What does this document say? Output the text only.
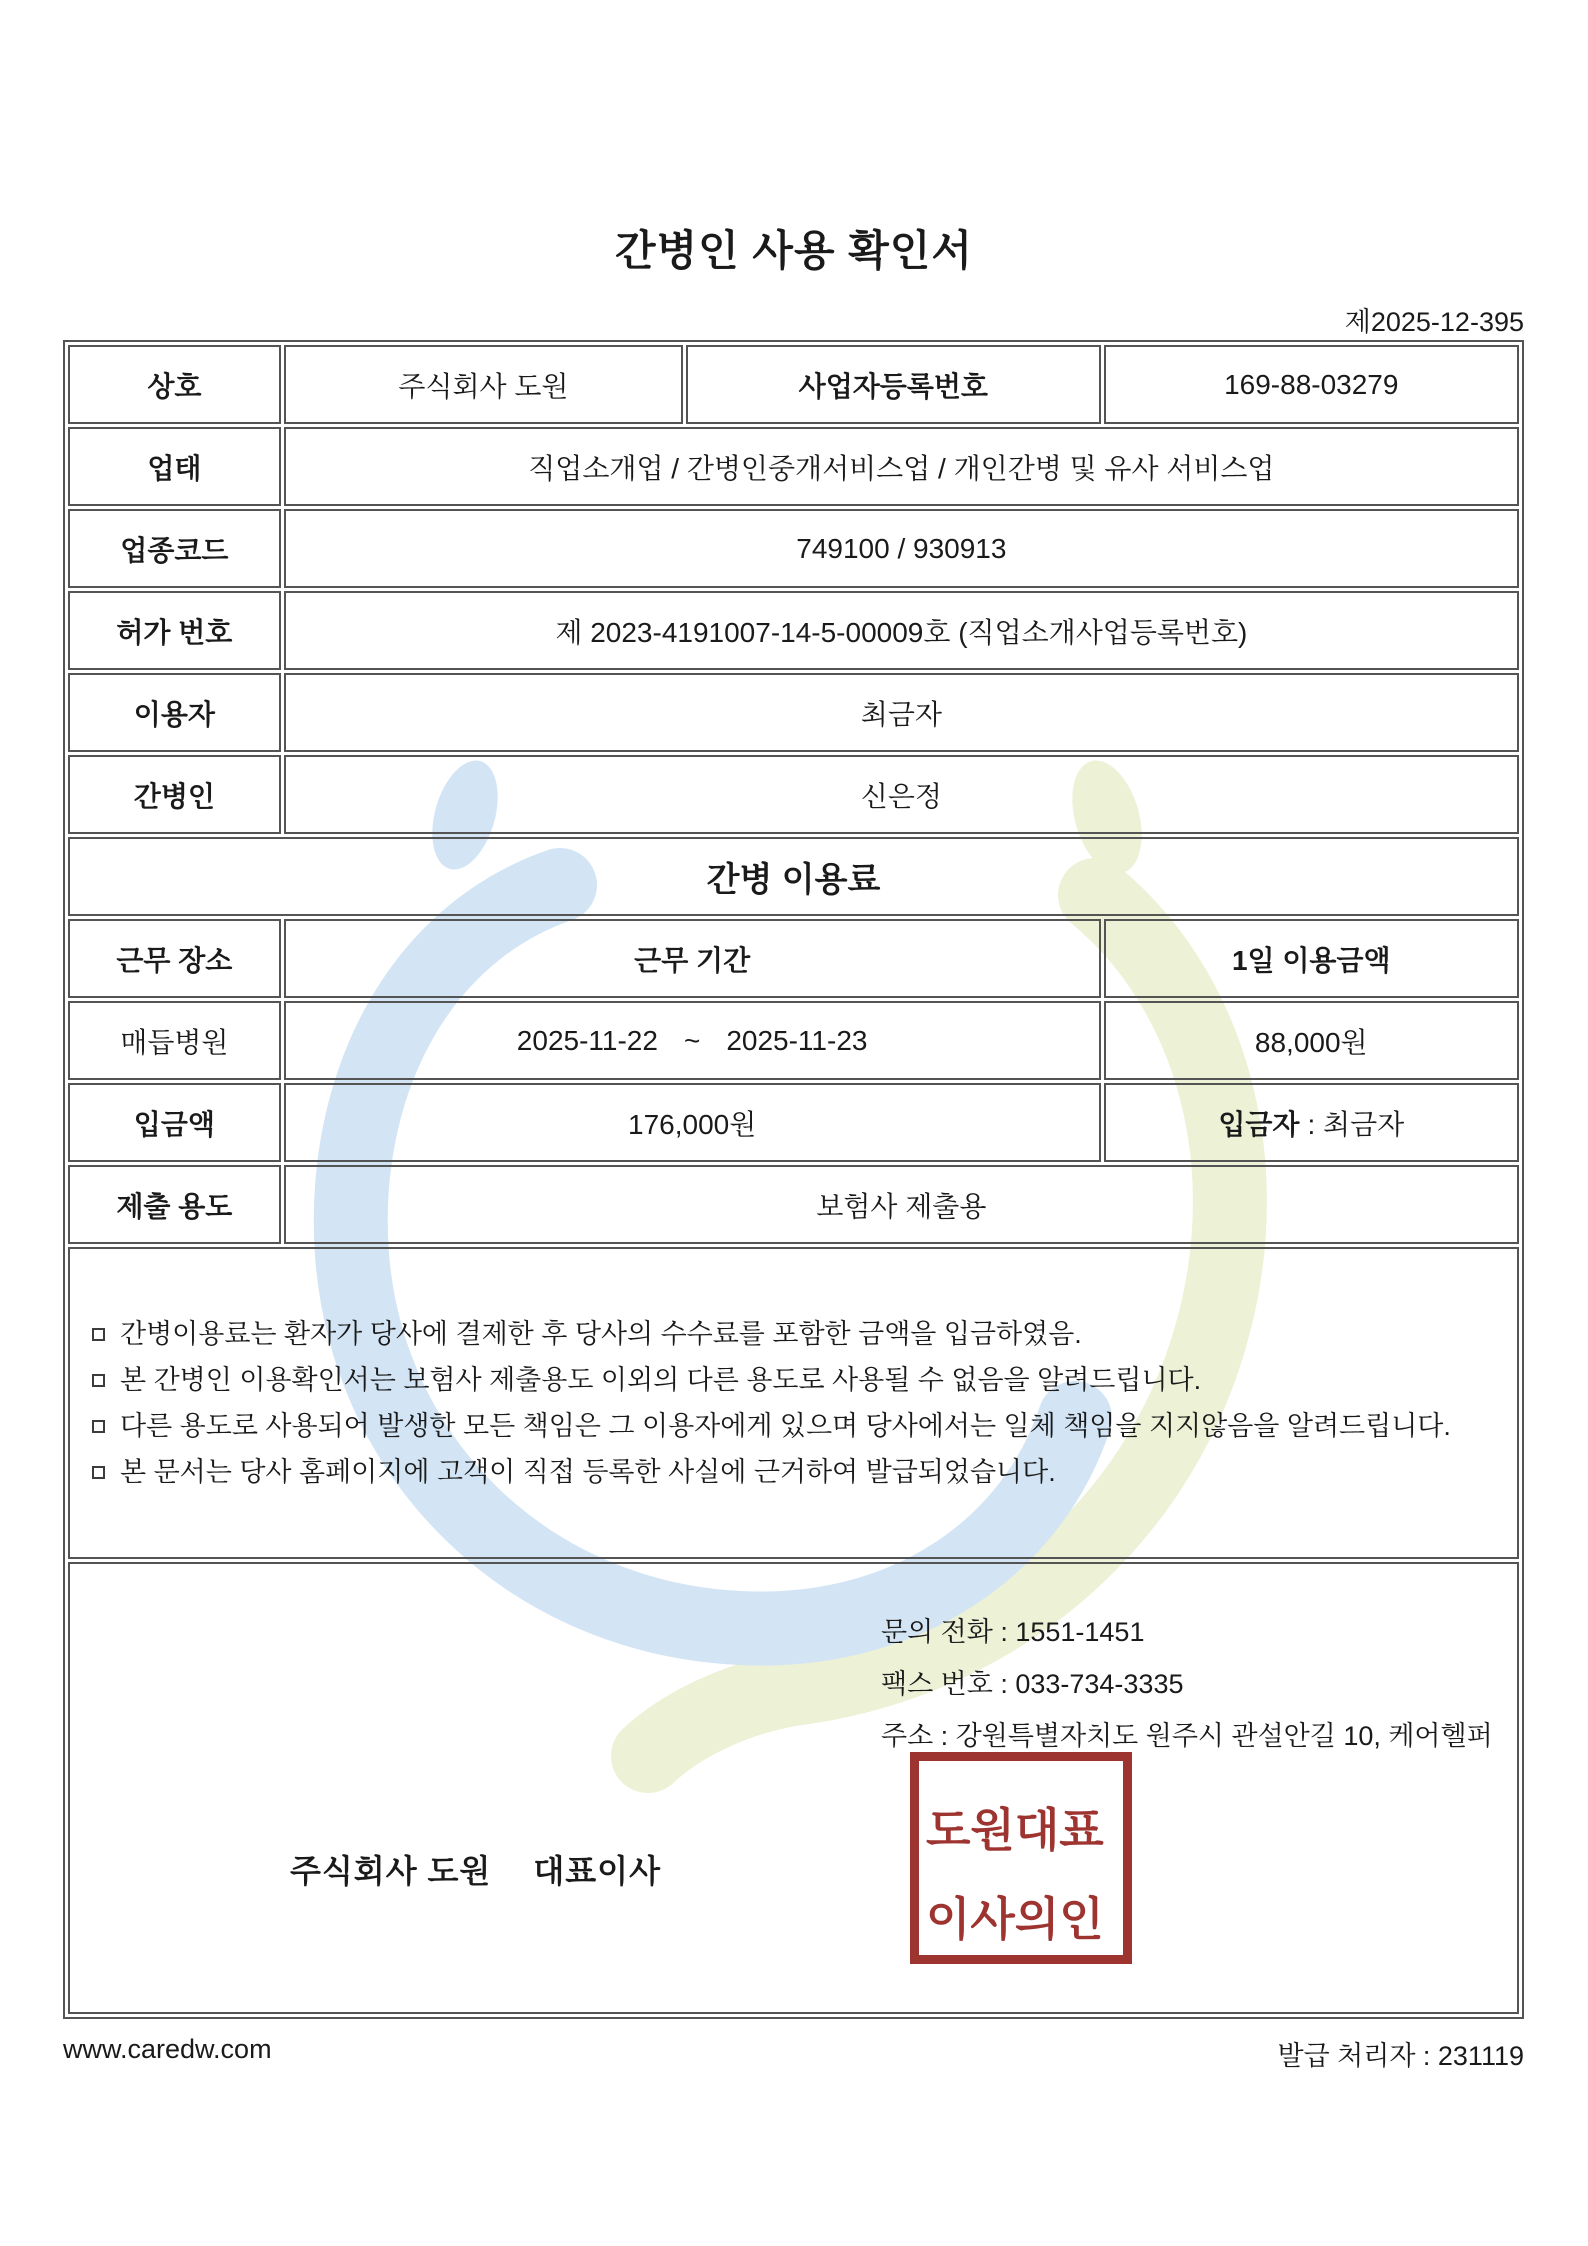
간병인 사용 확인서
제2025-12-395
상호	주식회사 도원	사업자등록번호	169-88-03279
업태	직업소개업 / 간병인중개서비스업 / 개인간병 및 유사 서비스업		
업종코드	749100 / 930913		
허가 번호	제 2023-4191007-14-5-00009호 (직업소개사업등록번호)		
이용자	최금자		
간병인	신은정		
간병 이용료			
근무 장소	근무 기간		1일 이용금액
매듭병원	2025-11-22 ~ 2025-11-23		88,000원
입금액	176,000원		입금자 : 최금자
제출 용도	보험사 제출용		

간병이용료는 환자가 당사에 결제한 후 당사의 수수료를 포함한 금액을 입금하였음.
본 간병인 이용확인서는 보험사 제출용도 이외의 다른 용도로 사용될 수 없음을 알려드립니다.
다른 용도로 사용되어 발생한 모든 책임은 그 이용자에게 있으며 당사에서는 일체 책임을 지지않음을 알려드립니다.
본 문서는 당사 홈페이지에 고객이 직접 등록한 사실에 근거하여 발급되었습니다.			

문의 전화 : 1551-1451
팩스 번호 : 033-734-3335
주소 : 강원특별자치도 원주시 관설안길 10, 케어헬퍼
주식회사 도원 대표이사
도원대표
이사의인
www.caredw.com	발급 처리자 : 231119
